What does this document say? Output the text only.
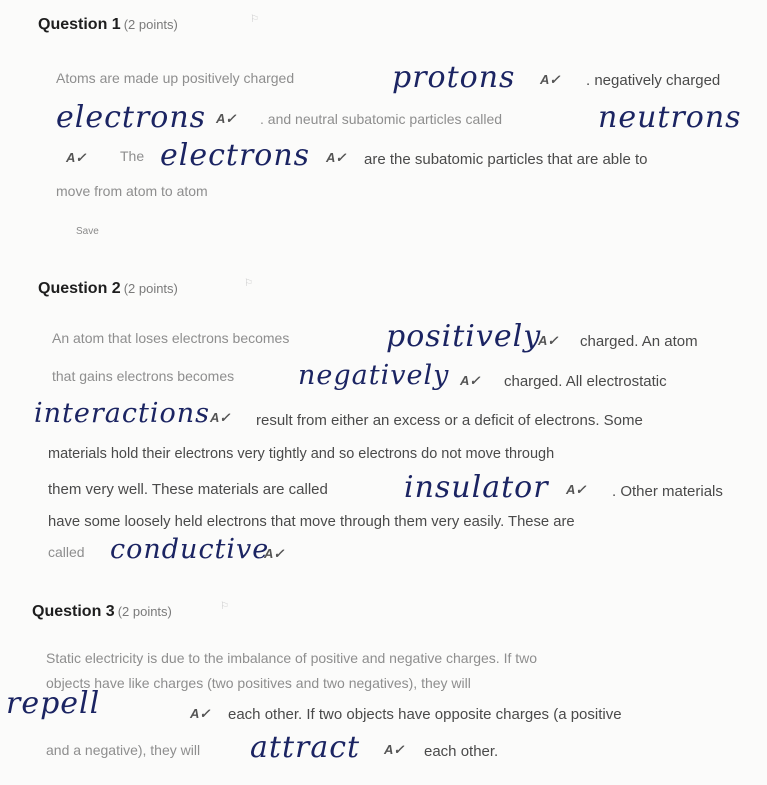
Question 1 (2 points)	⚐
Atoms are made up positively charged	protons A✓ . negatively charged
electrons A✓ . and neutral subatomic particles called	neutrons
A✓ The electrons A✓ are the subatomic particles that are able to
move from atom to atom
Save
Question 2 (2 points)	⚐
An atom that loses electrons becomes	positively
A✓ charged. An atom
that gains electrons becomes negatively A✓ charged. All electrostatic
interactions A✓ result from either an excess or a deficit of electrons. Some
materials hold their electrons very tightly and so electrons do not move through
them very well. These materials are called	insulator A✓ . Other materials
have some loosely held electrons that move through them very easily. These are
called conductive
A✓
Question 3 (2 points)	⚐
Static electricity is due to the imbalance of positive and negative charges. If two
objects have like charges (two positives and two negatives), they will
repell	A✓ each other. If two objects have opposite charges (a positive
and a negative), they will attract A✓ each other.
